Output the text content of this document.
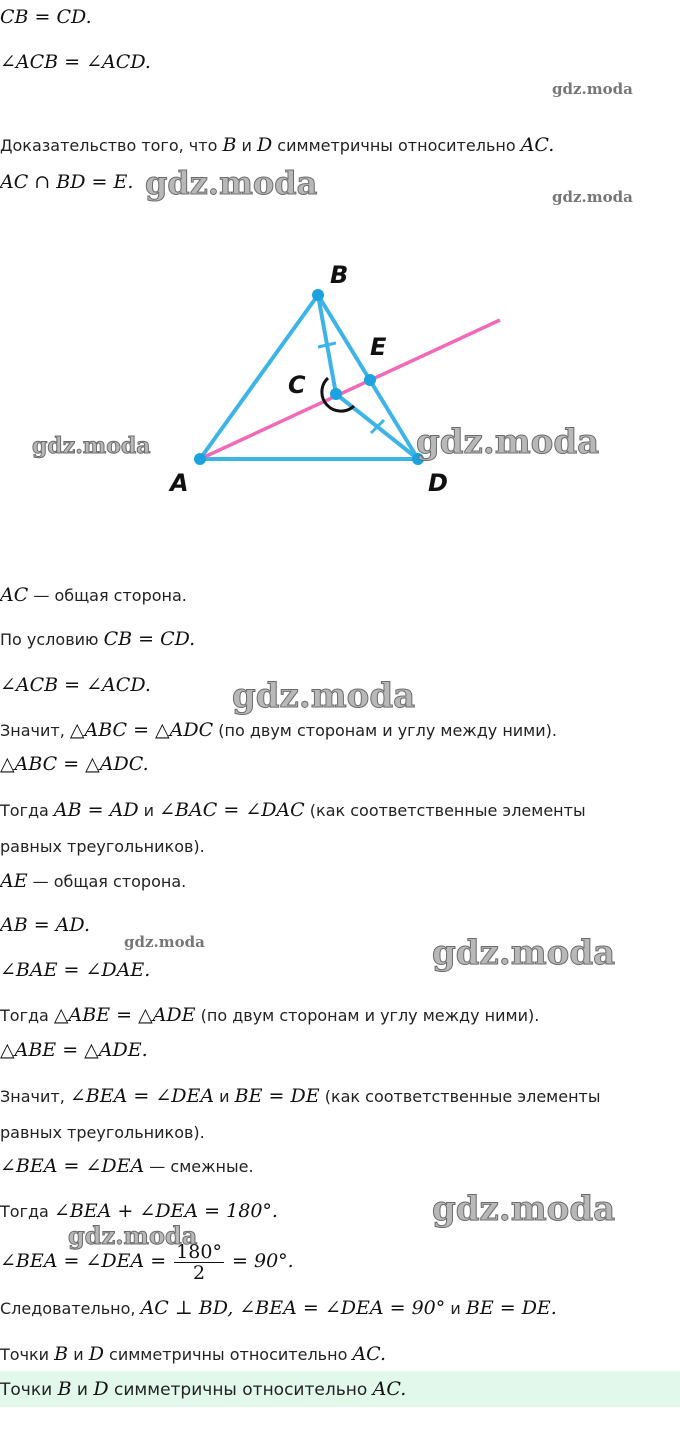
CB = CD.
∠ACB = ∠ACD.
Доказательство того, что B и D симметричны относительно AC.
AC ∩ BD = E.
A
B
C
D
E
AC — общая сторона.
По условию CB = CD.
∠ACB = ∠ACD.
Значит, △ABC = △ADC (по двум сторонам и углу между ними).
△ABC = △ADC.
Тогда AB = AD и ∠BAC = ∠DAC (как соответственные элементы
равных треугольников).
AE — общая сторона.
AB = AD.
∠BAE = ∠DAE.
Тогда △ABE = △ADE (по двум сторонам и углу между ними).
△ABE = △ADE.
Значит, ∠BEA = ∠DEA и BE = DE (как соответственные элементы
равных треугольников).
∠BEA = ∠DEA — смежные.
Тогда ∠BEA + ∠DEA = 180°.
∠BEA = ∠DEA = $\frac{180^\circ}{2} = 90^\circ$.
Следовательно, AC ⊥ BD, ∠BEA = ∠DEA = 90° и BE = DE.
Точки B и D симметричны относительно AC.
Точки B и D симметричны относительно AC.
gdz.moda
gdz.moda	gdz.moda
gdz.moda	gdz.moda
gdz.moda
gdz.moda	gdz.moda
gdz.moda
gdz.moda
